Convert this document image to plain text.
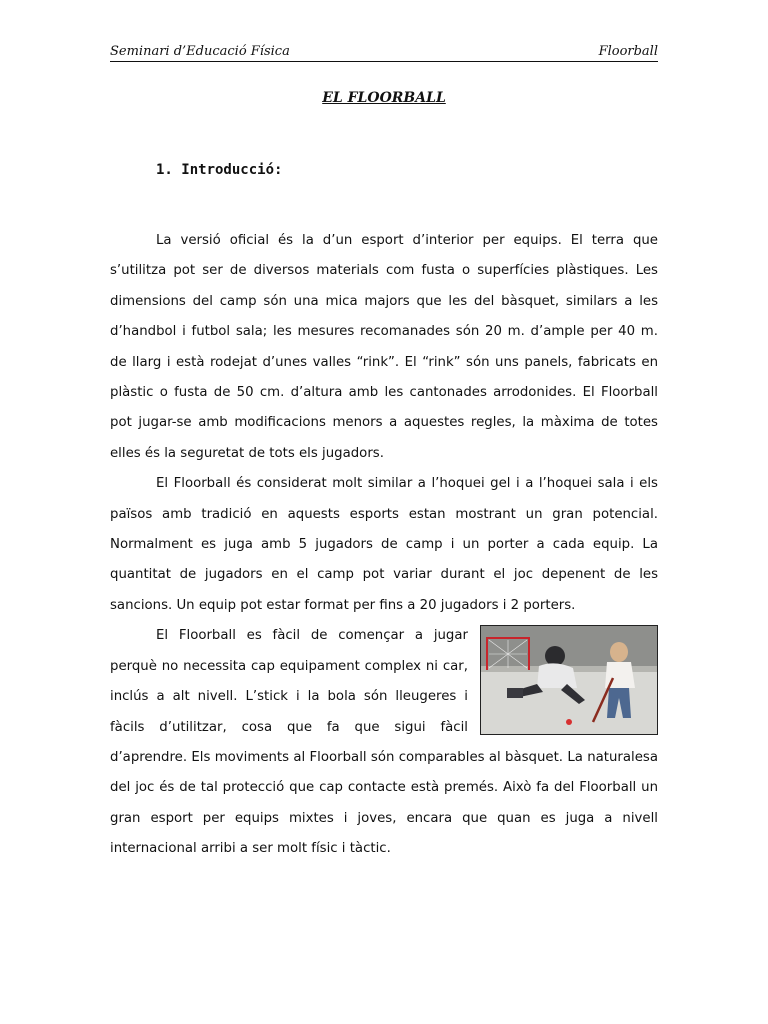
Seminari d’Educació Física	Floorball
EL FLOORBALL
1. Introducció:

La versió oficial és la d’un esport d’interior per equips. El terra que s’utilitza pot ser de diversos materials com fusta o superfícies plàstiques. Les dimensions del camp són una mica majors que les del bàsquet, similars a les d’handbol i futbol sala; les mesures recomanades són 20 m. d’ample per 40 m. de llarg i està rodejat d’unes valles “rink”. El “rink” són uns panels, fabricats en plàstic o fusta de 50 cm. d’altura amb les cantonades arrodonides. El Floorball pot jugar-se amb modificacions menors a aquestes regles, la màxima de totes elles és la seguretat de tots els jugadors.

El Floorball és considerat molt similar a l’hoquei gel i a l’hoquei sala i els països amb tradició en aquests esports estan mostrant un gran potencial. Normalment es juga amb 5 jugadors de camp i un porter a cada equip. La quantitat de jugadors en el camp pot variar durant el joc depenent de les sancions. Un equip pot estar format per fins a 20 jugadors i 2 porters.

El Floorball es fàcil de començar a jugar perquè no necessita cap equipament complex ni car, inclús a alt nivell. L’stick i la bola són lleugeres i fàcils d’utilitzar, cosa que fa que sigui fàcil d’aprendre. Els moviments al Floorball són comparables al bàsquet. La naturalesa del joc és de tal protecció que cap contacte està premés. Això fa del Floorball un gran esport per equips mixtes i joves, encara que quan es juga a nivell internacional arribi a ser molt físic i tàctic.
